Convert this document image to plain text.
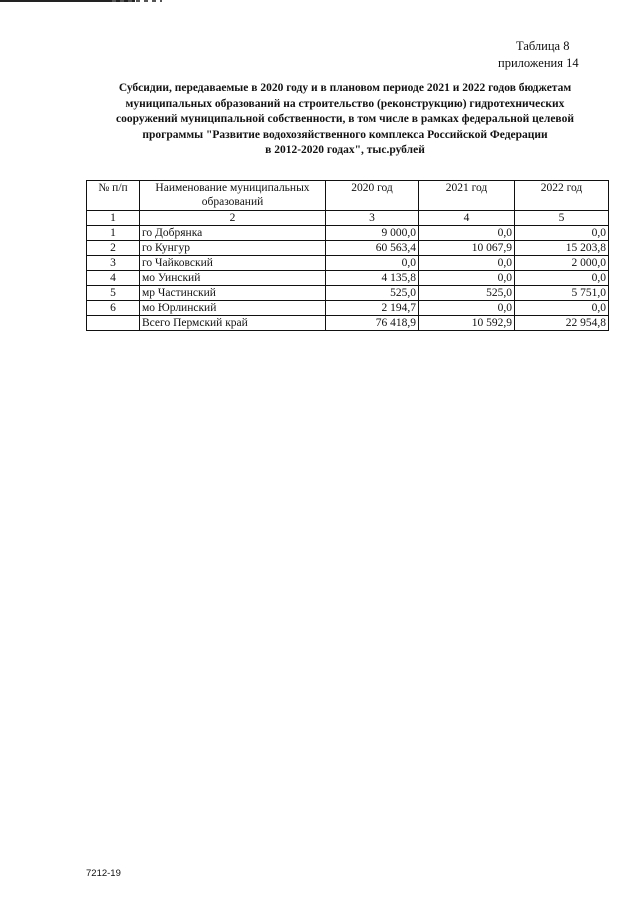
Таблица 8
приложения 14
Субсидии, передаваемые в 2020 году и в плановом периоде 2021 и 2022 годов бюджетам
муниципальных образований на строительство (реконструкцию) гидротехнических
сооружений муниципальной собственности, в том числе в рамках федеральной целевой
программы "Развитие водохозяйственного комплекса Российской Федерации
в 2012-2020 годах", тыс.рублей
№ п/п	Наименование муниципальных образований	2020 год	2021 год	2022 год
1	2	3	4	5
1	го Добрянка	9 000,0	0,0	0,0
2	го Кунгур	60 563,4	10 067,9	15 203,8
3	го Чайковский	0,0	0,0	2 000,0
4	мо Уинский	4 135,8	0,0	0,0
5	мр Частинский	525,0	525,0	5 751,0
6	мо Юрлинский	2 194,7	0,0	0,0
	Всего Пермский край	76 418,9	10 592,9	22 954,8
7212-19
